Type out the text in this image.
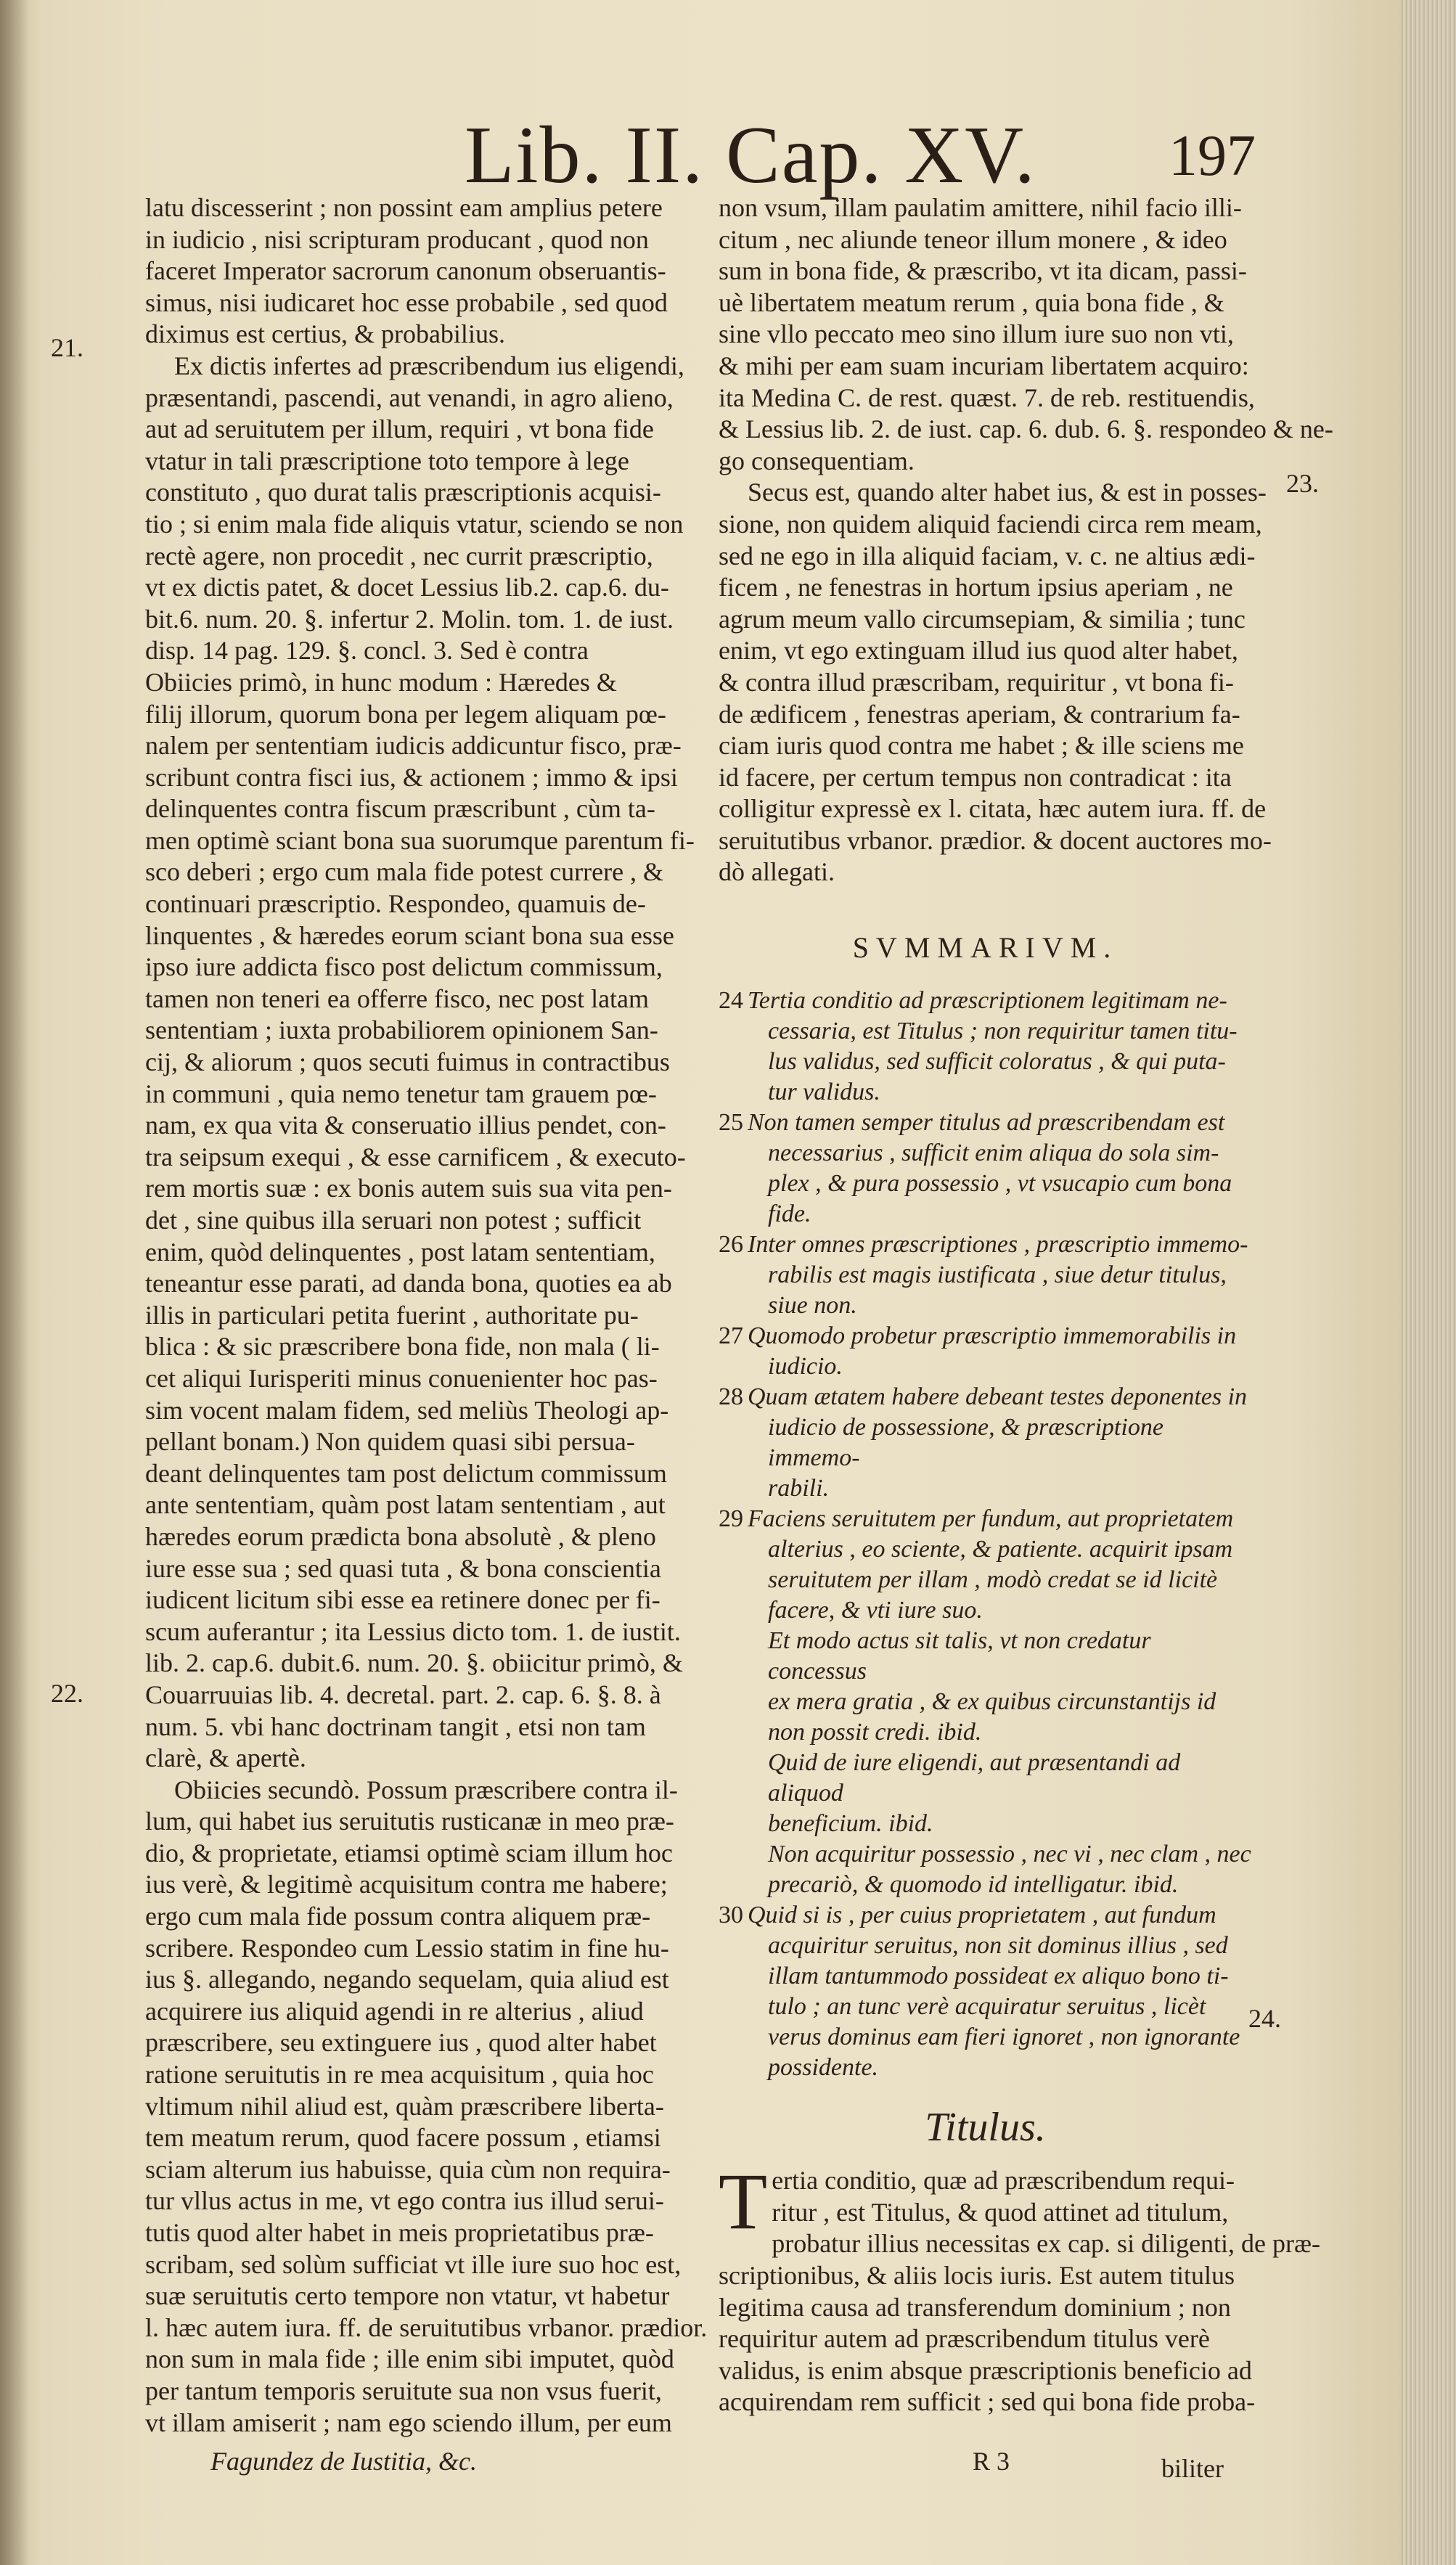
Lib. II. Cap. XV. 197
21.
22.
23.
24.
latu discesserint ; non possint eam amplius petere
in iudicio , nisi scripturam producant , quod non
faceret Imperator sacrorum canonum obseruantis-
simus, nisi iudicaret hoc esse probabile , sed quod
diximus est certius, & probabilius.
Ex dictis infertes ad præscribendum ius eligendi,
præsentandi, pascendi, aut venandi, in agro alieno,
aut ad seruitutem per illum, requiri , vt bona fide
vtatur in tali præscriptione toto tempore à lege
constituto , quo durat talis præscriptionis acquisi-
tio ; si enim mala fide aliquis vtatur, sciendo se non
rectè agere, non procedit , nec currit præscriptio,
vt ex dictis patet, & docet Lessius lib.2. cap.6. du-
bit.6. num. 20. §. infertur 2. Molin. tom. 1. de iust.
disp. 14 pag. 129. §. concl. 3. Sed è contra
Obiicies primò, in hunc modum : Hæredes &
filij illorum, quorum bona per legem aliquam pœ-
nalem per sententiam iudicis addicuntur fisco, præ-
scribunt contra fisci ius, & actionem ; immo & ipsi
delinquentes contra fiscum præscribunt , cùm ta-
men optimè sciant bona sua suorumque parentum fi-
sco deberi ; ergo cum mala fide potest currere , &
continuari præscriptio. Respondeo, quamuis de-
linquentes , & hæredes eorum sciant bona sua esse
ipso iure addicta fisco post delictum commissum,
tamen non teneri ea offerre fisco, nec post latam
sententiam ; iuxta probabiliorem opinionem San-
cij, & aliorum ; quos secuti fuimus in contractibus
in communi , quia nemo tenetur tam grauem pœ-
nam, ex qua vita & conseruatio illius pendet, con-
tra seipsum exequi , & esse carnificem , & executo-
rem mortis suæ : ex bonis autem suis sua vita pen-
det , sine quibus illa seruari non potest ; sufficit
enim, quòd delinquentes , post latam sententiam,
teneantur esse parati, ad danda bona, quoties ea ab
illis in particulari petita fuerint , authoritate pu-
blica : & sic præscribere bona fide, non mala ( li-
cet aliqui Iurisperiti minus conuenienter hoc pas-
sim vocent malam fidem, sed meliùs Theologi ap-
pellant bonam.) Non quidem quasi sibi persua-
deant delinquentes tam post delictum commissum
ante sententiam, quàm post latam sententiam , aut
hæredes eorum prædicta bona absolutè , & pleno
iure esse sua ; sed quasi tuta , & bona conscientia
iudicent licitum sibi esse ea retinere donec per fi-
scum auferantur ; ita Lessius dicto tom. 1. de iustit.
lib. 2. cap.6. dubit.6. num. 20. §. obiicitur primò, &
Couarruuias lib. 4. decretal. part. 2. cap. 6. §. 8. à
num. 5. vbi hanc doctrinam tangit , etsi non tam
clarè, & apertè.
Obiicies secundò. Possum præscribere contra il-
lum, qui habet ius seruitutis rusticanæ in meo præ-
dio, & proprietate, etiamsi optimè sciam illum hoc
ius verè, & legitimè acquisitum contra me habere;
ergo cum mala fide possum contra aliquem præ-
scribere. Respondeo cum Lessio statim in fine hu-
ius §. allegando, negando sequelam, quia aliud est
acquirere ius aliquid agendi in re alterius , aliud
præscribere, seu extinguere ius , quod alter habet
ratione seruitutis in re mea acquisitum , quia hoc
vltimum nihil aliud est, quàm præscribere liberta-
tem meatum rerum, quod facere possum , etiamsi
sciam alterum ius habuisse, quia cùm non requira-
tur vllus actus in me, vt ego contra ius illud serui-
tutis quod alter habet in meis proprietatibus præ-
scribam, sed solùm sufficiat vt ille iure suo hoc est,
suæ seruitutis certo tempore non vtatur, vt habetur
l. hæc autem iura. ff. de seruitutibus vrbanor. prædior.
non sum in mala fide ; ille enim sibi imputet, quòd
per tantum temporis seruitute sua non vsus fuerit,
vt illam amiserit ; nam ego sciendo illum, per eum
Fagundez de Iustitia, &c.
non vsum, illam paulatim amittere, nihil facio illi-
citum , nec aliunde teneor illum monere , & ideo
sum in bona fide, & præscribo, vt ita dicam, passi-
uè libertatem meatum rerum , quia bona fide , &
sine vllo peccato meo sino illum iure suo non vti,
& mihi per eam suam incuriam libertatem acquiro:
ita Medina C. de rest. quæst. 7. de reb. restituendis,
& Lessius lib. 2. de iust. cap. 6. dub. 6. §. respondeo & ne-
go consequentiam.
Secus est, quando alter habet ius, & est in posses-
sione, non quidem aliquid faciendi circa rem meam,
sed ne ego in illa aliquid faciam, v. c. ne altius ædi-
ficem , ne fenestras in hortum ipsius aperiam , ne
agrum meum vallo circumsepiam, & similia ; tunc
enim, vt ego extinguam illud ius quod alter habet,
& contra illud præscribam, requiritur , vt bona fi-
de ædificem , fenestras aperiam, & contrarium fa-
ciam iuris quod contra me habet ; & ille sciens me
id facere, per certum tempus non contradicat : ita
colligitur expressè ex l. citata, hæc autem iura. ff. de
seruitutibus vrbanor. prædior. & docent auctores mo-
dò allegati.
SVMMARIVM.
24 Tertia conditio ad præscriptionem legitimam ne-
cessaria, est Titulus ; non requiritur tamen titu-
lus validus, sed sufficit coloratus , & qui puta-
tur validus.
25 Non tamen semper titulus ad præscribendam est
necessarius , sufficit enim aliqua do sola sim-
plex , & pura possessio , vt vsucapio cum bona
fide.
26 Inter omnes præscriptiones , præscriptio immemo-
rabilis est magis iustificata , siue detur titulus,
siue non.
27 Quomodo probetur præscriptio immemorabilis in
iudicio.
28 Quam ætatem habere debeant testes deponentes in
iudicio de possessione, & præscriptione immemo-
rabili.
29 Faciens seruitutem per fundum, aut proprietatem
alterius , eo sciente, & patiente. acquirit ipsam
seruitutem per illam , modò credat se id licitè
facere, & vti iure suo.
Et modo actus sit talis, vt non credatur concessus
ex mera gratia , & ex quibus circunstantijs id
non possit credi. ibid.
Quid de iure eligendi, aut præsentandi ad aliquod
beneficium. ibid.
Non acquiritur possessio , nec vi , nec clam , nec
precariò, & quomodo id intelligatur. ibid.
30 Quid si is , per cuius proprietatem , aut fundum
acquiritur seruitus, non sit dominus illius , sed
illam tantummodo possideat ex aliquo bono ti-
tulo ; an tunc verè acquiratur seruitus , licèt
verus dominus eam fieri ignoret , non ignorante
possidente.
Titulus.
T ertia conditio, quæ ad præscribendum requi-
ritur , est Titulus, & quod attinet ad titulum,
probatur illius necessitas ex cap. si diligenti, de præ-
scriptionibus, & aliis locis iuris. Est autem titulus
legitima causa ad transferendum dominium ; non
requiritur autem ad præscribendum titulus verè
validus, is enim absque præscriptionis beneficio ad
acquirendam rem sufficit ; sed qui bona fide proba-
R 3	biliter
